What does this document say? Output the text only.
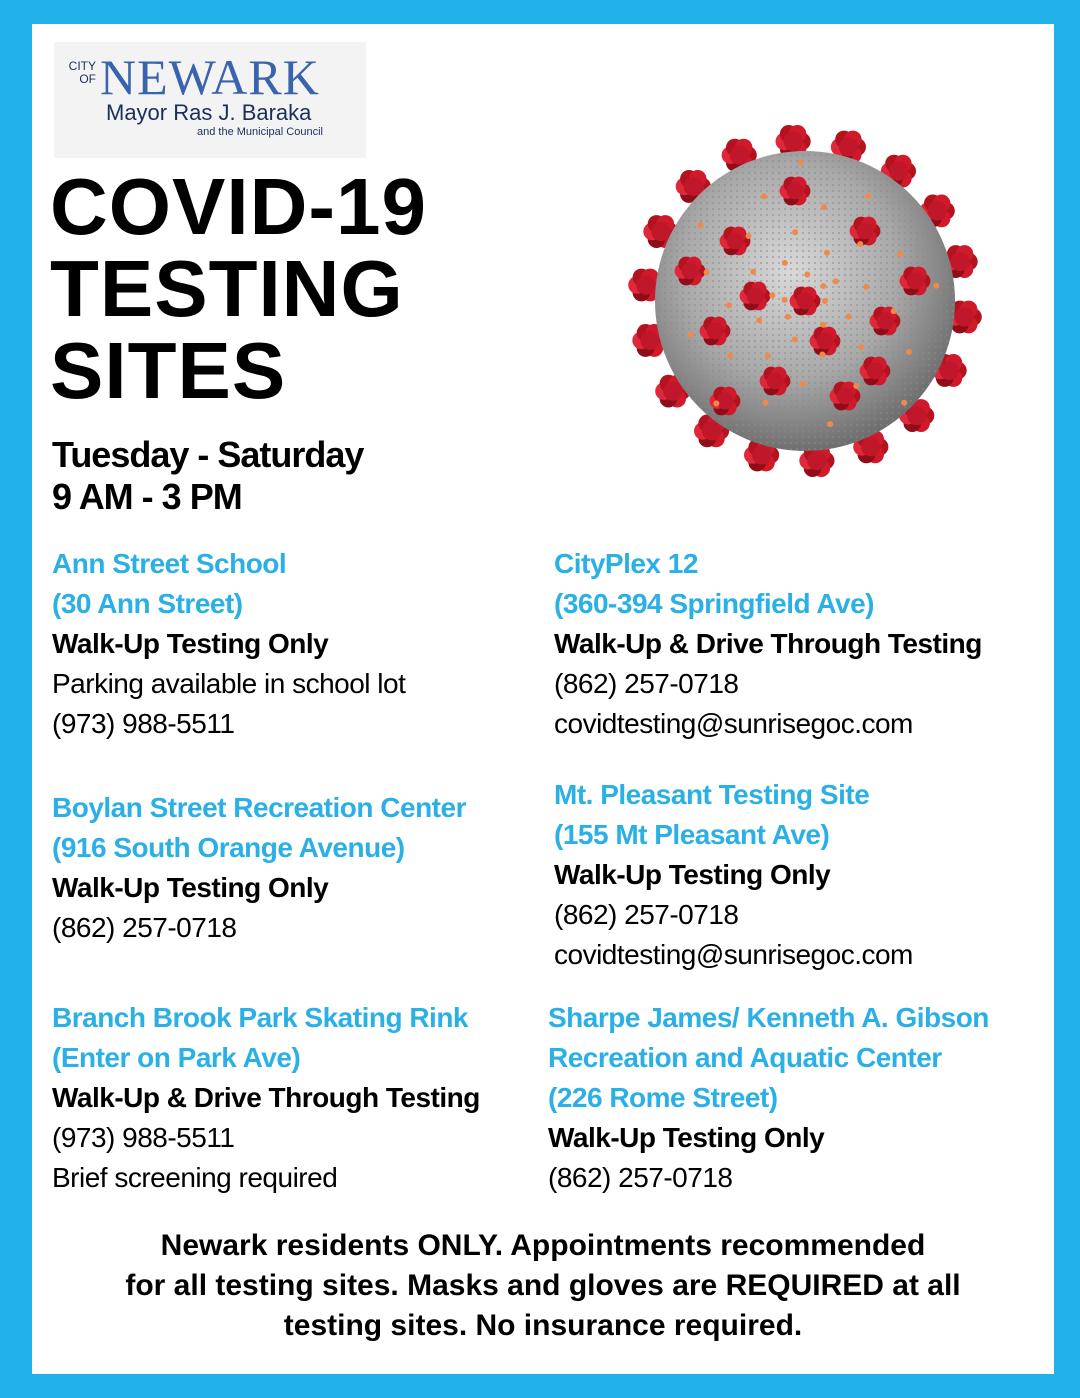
CITY OF NEWARK
Mayor Ras J. Baraka
and the Municipal Council
COVID-19
TESTING
SITES
Tuesday - Saturday
9 AM - 3 PM
Ann Street School
(30 Ann Street)
Walk-Up Testing Only
Parking available in school lot
(973) 988-5511
CityPlex 12
(360-394 Springfield Ave)
Walk-Up & Drive Through Testing
(862) 257-0718
covidtesting@sunrisegoc.com
Boylan Street Recreation Center
(916 South Orange Avenue)
Walk-Up Testing Only
(862) 257-0718
Mt. Pleasant Testing Site
(155 Mt Pleasant Ave)
Walk-Up Testing Only
(862) 257-0718
covidtesting@sunrisegoc.com
Branch Brook Park Skating Rink
(Enter on Park Ave)
Walk-Up & Drive Through Testing
(973) 988-5511
Brief screening required
Sharpe James/ Kenneth A. Gibson
Recreation and Aquatic Center
(226 Rome Street)
Walk-Up Testing Only
(862) 257-0718
Newark residents ONLY. Appointments recommended
for all testing sites. Masks and gloves are REQUIRED at all
testing sites. No insurance required.
